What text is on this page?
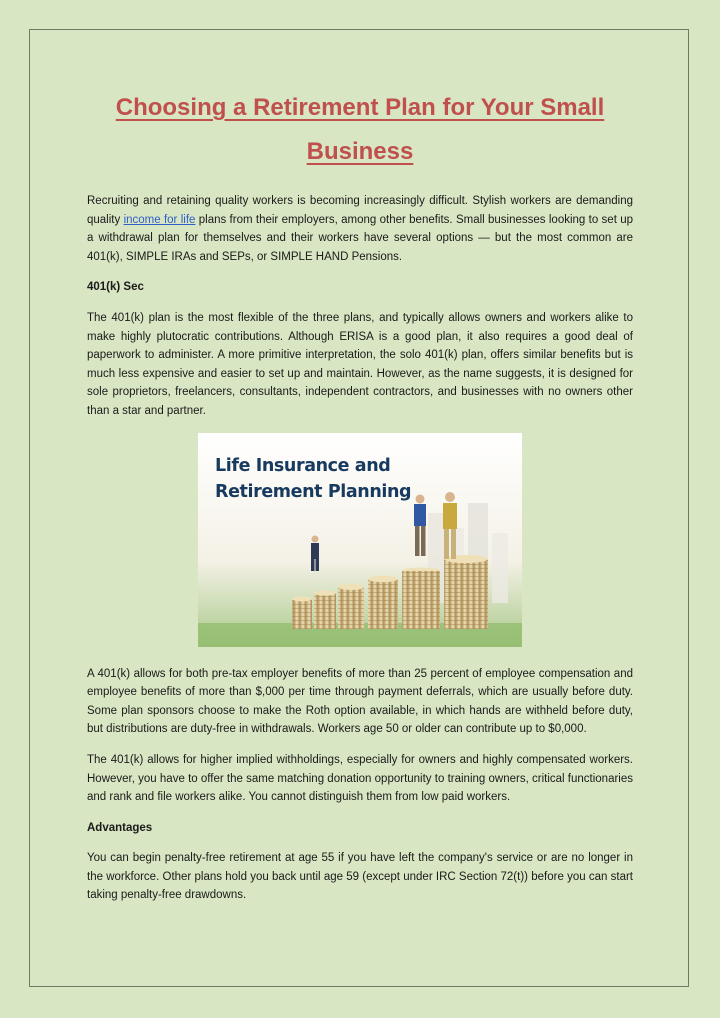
Choosing a Retirement Plan for Your Small Business

Recruiting and retaining quality workers is becoming increasingly difficult. Stylish workers are demanding quality income for life plans from their employers, among other benefits. Small businesses looking to set up a withdrawal plan for themselves and their workers have several options — but the most common are 401(k), SIMPLE IRAs and SEPs, or SIMPLE HAND Pensions.

401(k) Sec

The 401(k) plan is the most flexible of the three plans, and typically allows owners and workers alike to make highly plutocratic contributions. Although ERISA is a good plan, it also requires a good deal of paperwork to administer. A more primitive interpretation, the solo 401(k) plan, offers similar benefits but is much less expensive and easier to set up and maintain. However, as the name suggests, it is designed for sole proprietors, freelancers, consultants, independent contractors, and businesses with no owners other than a star and partner.

Life Insurance and
Retirement Planning

A 401(k) allows for both pre-tax employer benefits of more than 25 percent of employee compensation and employee benefits of more than $,000 per time through payment deferrals, which are usually before duty. Some plan sponsors choose to make the Roth option available, in which hands are withheld before duty, but distributions are duty-free in withdrawals. Workers age 50 or older can contribute up to $0,000.

The 401(k) allows for higher implied withholdings, especially for owners and highly compensated workers. However, you have to offer the same matching donation opportunity to training owners, critical functionaries and rank and file workers alike. You cannot distinguish them from low paid workers.

Advantages

You can begin penalty-free retirement at age 55 if you have left the company's service or are no longer in the workforce. Other plans hold you back until age 59 (except under IRC Section 72(t)) before you can start taking penalty-free drawdowns.
